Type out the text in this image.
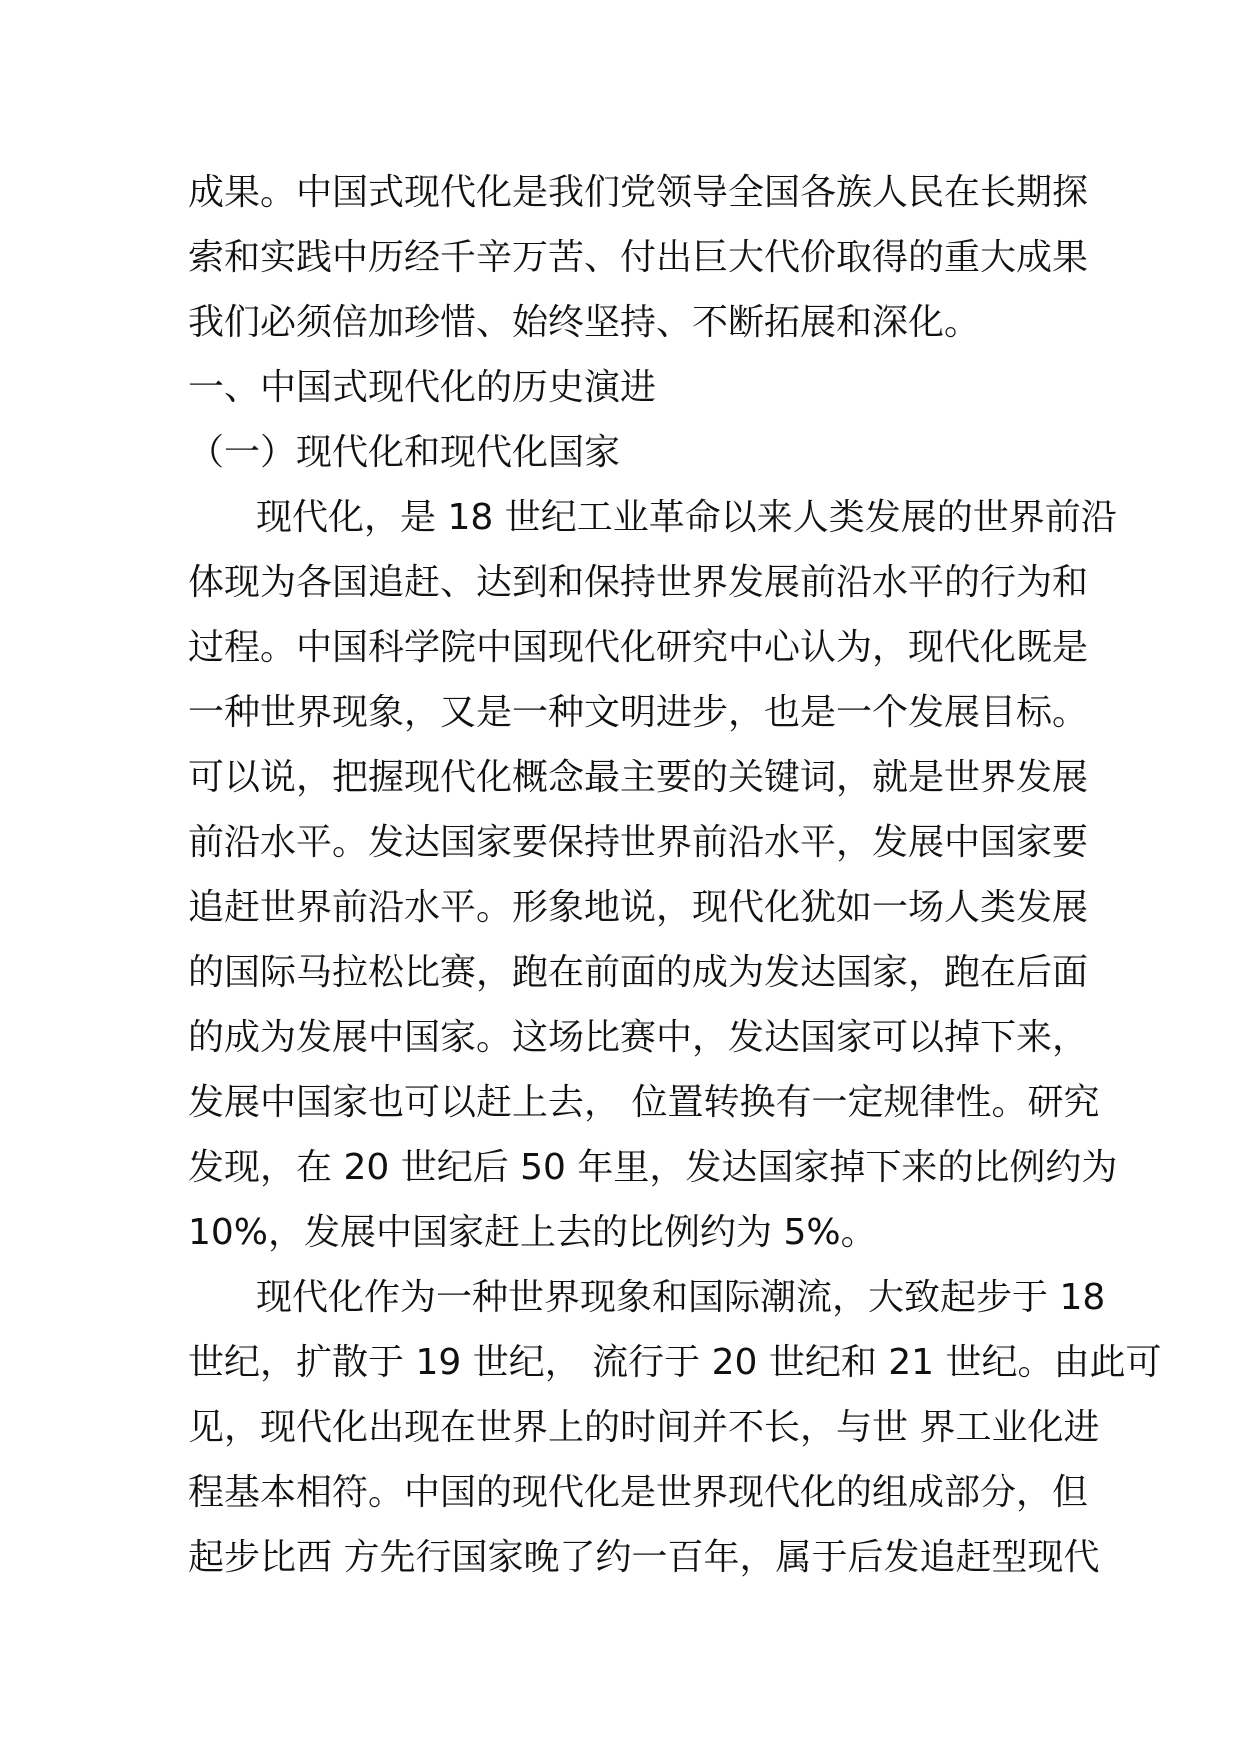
成果。中国式现代化是我们党领导全国各族人民在长期探
索和实践中历经千辛万苦、付出巨大代价取得的重大成果
我们必须倍加珍惜、始终坚持、不断拓展和深化。
一、中国式现代化的历史演进
（一）现代化和现代化国家
现代化，是 18 世纪工业革命以来人类发展的世界前沿
体现为各国追赶、达到和保持世界发展前沿水平的行为和
过程。中国科学院中国现代化研究中心认为，现代化既是
一种世界现象，又是一种文明进步，也是一个发展目标。
可以说，把握现代化概念最主要的关键词，就是世界发展
前沿水平。发达国家要保持世界前沿水平，发展中国家要
追赶世界前沿水平。形象地说，现代化犹如一场人类发展
的国际马拉松比赛，跑在前面的成为发达国家，跑在后面
的成为发展中国家。这场比赛中，发达国家可以掉下来，
发展中国家也可以赶上去， 位置转换有一定规律性。研究
发现，在 20 世纪后 50 年里，发达国家掉下来的比例约为
10%，发展中国家赶上去的比例约为 5%。
现代化作为一种世界现象和国际潮流，大致起步于 18
世纪，扩散于 19 世纪， 流行于 20 世纪和 21 世纪。由此可
见，现代化出现在世界上的时间并不长，与世 界工业化进
程基本相符。中国的现代化是世界现代化的组成部分，但
起步比西 方先行国家晚了约一百年，属于后发追赶型现代
